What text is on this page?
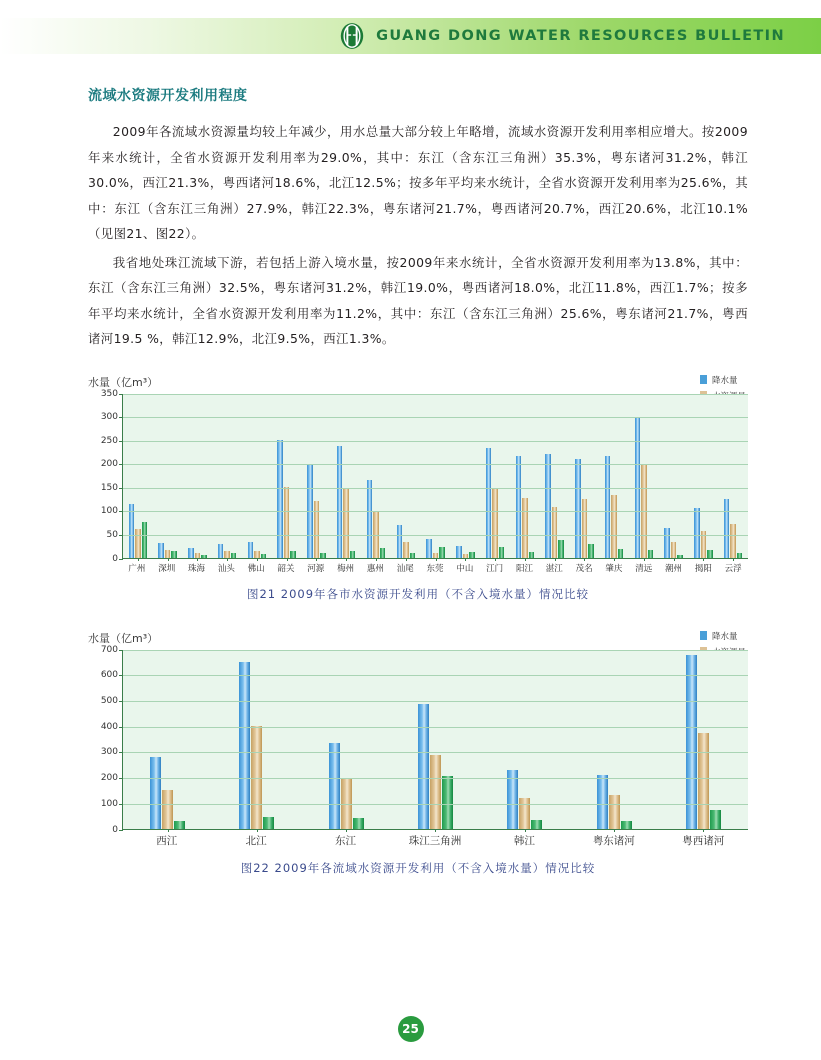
GUANG DONG WATER RESOURCES BULLETIN
流域水资源开发利用程度

2009年各流域水资源量均较上年减少，用水总量大部分较上年略增，流域水资源开发利用率相应增大。按2009年来水统计，全省水资源开发利用率为29.0%，其中：东江（含东江三角洲）35.3%，粤东诸河31.2%，韩江30.0%，西江21.3%，粤西诸河18.6%，北江12.5%；按多年平均来水统计，全省水资源开发利用率为25.6%，其中：东江（含东江三角洲）27.9%，韩江22.3%，粤东诸河21.7%，粤西诸河20.7%，西江20.6%，北江10.1%（见图21、图22）。

我省地处珠江流域下游，若包括上游入境水量，按2009年来水统计，全省水资源开发利用率为13.8%，其中：东江（含东江三角洲）32.5%，粤东诸河31.2%，韩江19.0%，粤西诸河18.0%，北江11.8%，西江1.7%；按多年平均来水统计，全省水资源开发利用率为11.2%，其中：东江（含东江三角洲）25.6%，粤东诸河21.7%，粤西诸河19.5 %，韩江12.9%，北江9.5%，西江1.3%。

水量（亿m³）	降水量
0
50
100
150
200
250
300
350
广州	深圳	珠海	汕头	佛山	韶关	河源	梅州	惠州	汕尾	东莞	中山	江门	阳江	湛江	茂名	肇庆	清远	潮州	揭阳	云浮
图21 2009年各市水资源开发利用（不含入境水量）情况比较
水量（亿m³）	降水量
0
100
200
300
400
500
600
700
西江	北江	东江	珠江三角洲	韩江	粤东诸河	粤西诸河
图22 2009年各流域水资源开发利用（不含入境水量）情况比较
25
